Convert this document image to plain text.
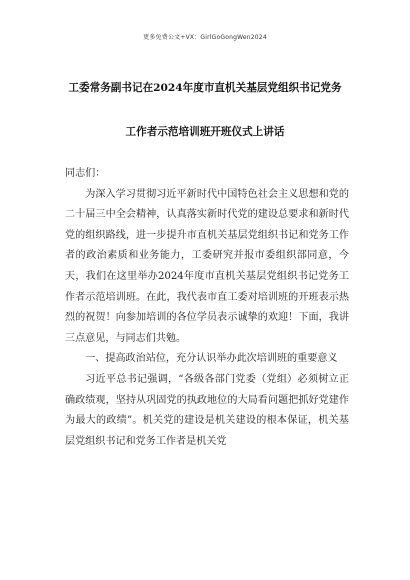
更多免费公文+VX：GirlGoGongWen2024
工委常务副书记在2024年度市直机关基层党组织书记党务
工作者示范培训班开班仪式上讲话

同志们：

为深入学习贯彻习近平新时代中国特色社会主义思想和党的二十届三中全会精神，认真落实新时代党的建设总要求和新时代党的组织路线，进一步提升市直机关基层党组织书记和党务工作者的政治素质和业务能力，工委研究并报市委组织部同意，今天，我们在这里举办2024年度市直机关基层党组织书记党务工作者示范培训班。在此，我代表市直工委对培训班的开班表示热烈的祝贺！向参加培训的各位学员表示诚挚的欢迎！下面，我讲三点意见，与同志们共勉。

一、提高政治站位，充分认识举办此次培训班的重要意义

习近平总书记强调，“各级各部门党委（党组）必须树立正确政绩观，坚持从巩固党的执政地位的大局看问题把抓好党建作为最大的政绩”。机关党的建设是机关建设的根本保证，机关基层党组织书记和党务工作者是机关党
